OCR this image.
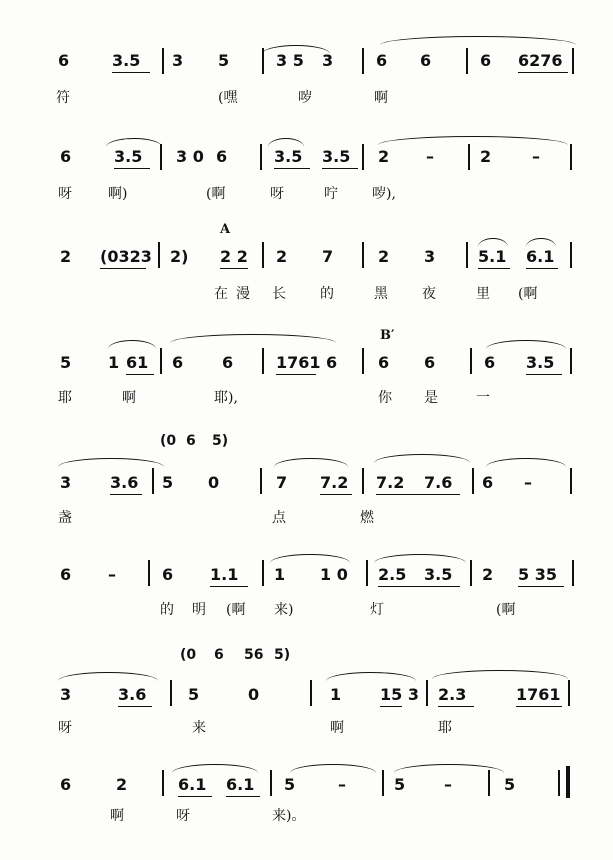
6	3.5 3 5	3 5 3	6 6	6 6276
符	(嘿	哕	啊
6	3.5 3 0 6	3.5 3.5 2 –	2	–
呀	啊)	(啊	呀	咛 哕),
A
2 (0323 2) 2 2 2 7	2 3	5.1 6.1
在 漫 长 的	黑 夜	里 (啊
B′
5 1 61 6 6	1761 6	6 6	6 3.5
耶	啊	耶),	你 是	一
(0 6 5)
3 3.6 5 0	7 7.2 7.2 7.6 6 –
盏	点	燃
6 –	6 1.1 1 1 0 2.5 3.5 2 5 35
的 明 (啊 来)	灯	(啊
(0 6 56 5)
3	3.6	5	0	1 15 3 2.3	1761
呀	来	啊	耶
6	2	6.1 6.1 5	–	5 –	5
啊	呀	来)。
